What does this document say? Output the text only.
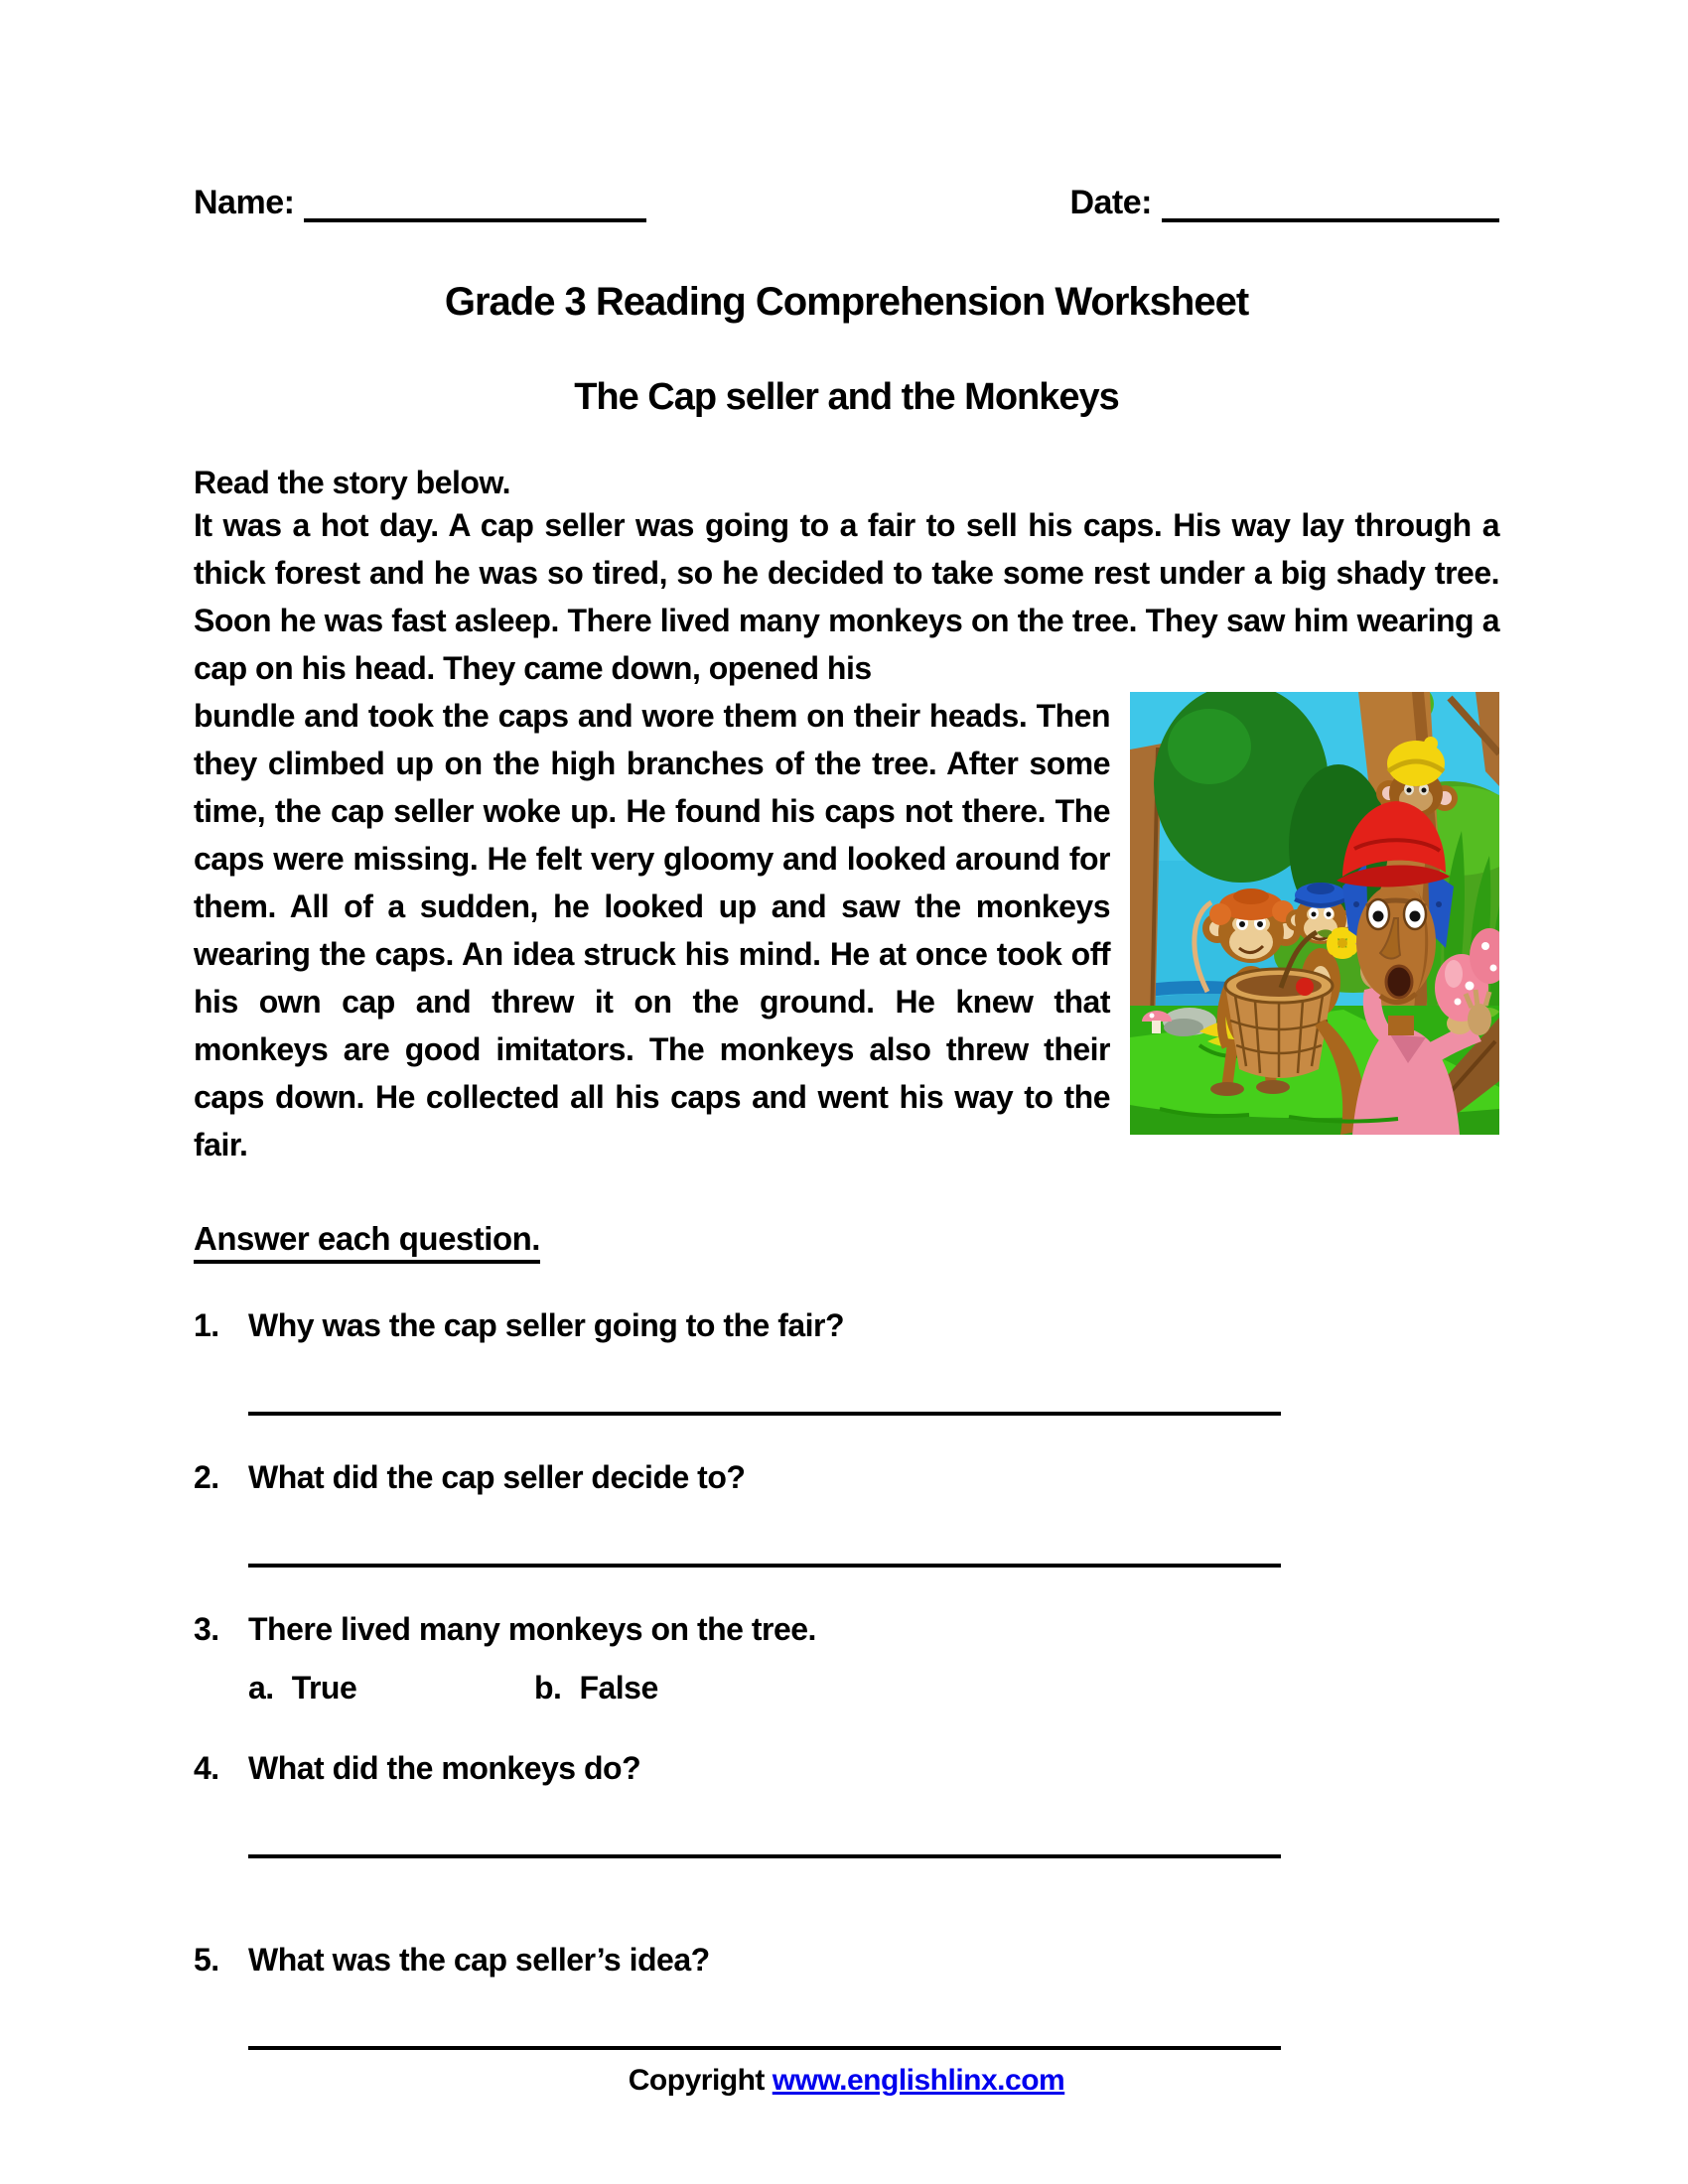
Name:	Date:
Grade 3 Reading Comprehension Worksheet
The Cap seller and the Monkeys

Read the story below.

It was a hot day. A cap seller was going to a fair to sell his caps. His way lay through a thick forest and he was so tired, so he decided to take some rest under a big shady tree. Soon he was fast asleep. There lived many monkeys on the tree. They saw him wearing a cap on his head. They came down, opened his

bundle and took the caps and wore them on their heads. Then they climbed up on the high branches of the tree. After some time, the cap seller woke up. He found his caps not there. The caps were missing. He felt very gloomy and looked around for them. All of a sudden, he looked up and saw the monkeys wearing the caps. An idea struck his mind. He at once took off his own cap and threw it on the ground. He knew that monkeys are good imitators. The monkeys also threw their caps down. He collected all his caps and went his way to the fair.

Answer each question.

1. Why was the cap seller going to the fair?
2. What did the cap seller decide to?
3. There lived many monkeys on the tree.
a. True	b. False
4. What did the monkeys do?
5. What was the cap seller’s idea?
Copyright www.englishlinx.com
